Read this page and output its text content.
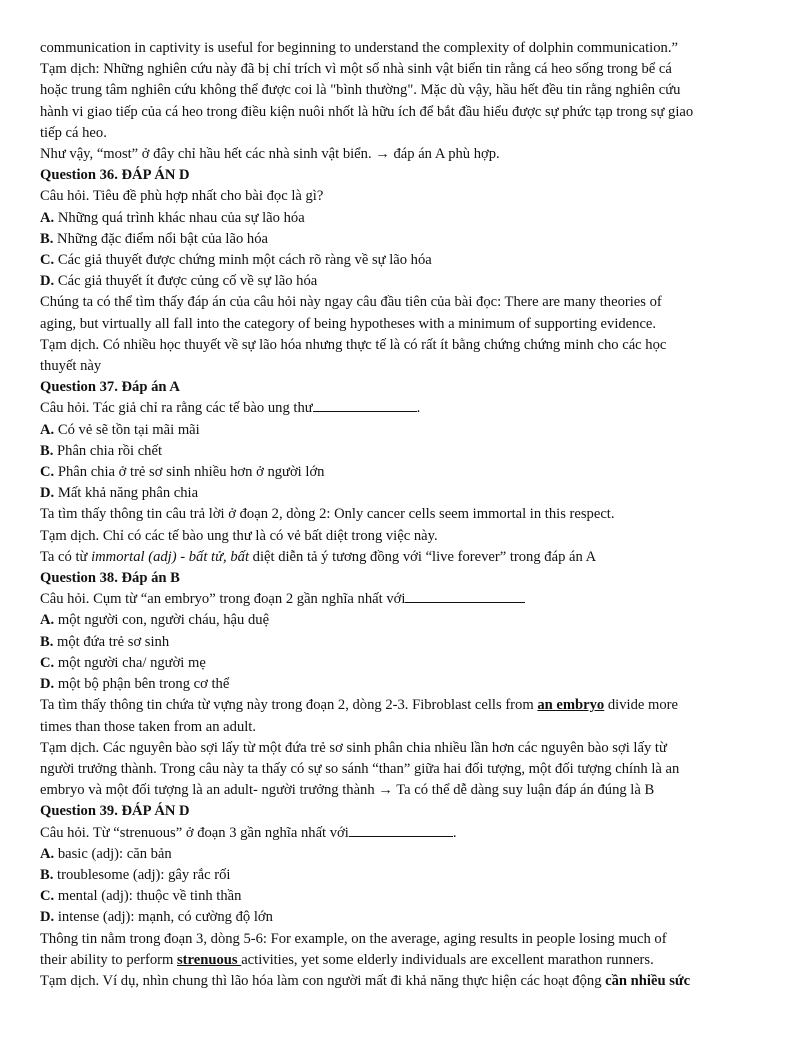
communication in captivity is useful for beginning to understand the complexity of dolphin communication.”
Tạm dịch: Những nghiên cứu này đã bị chỉ trích vì một số nhà sinh vật biển tin rằng cá heo sống trong bể cá
hoặc trung tâm nghiên cứu không thể được coi là "bình thường". Mặc dù vậy, hầu hết đều tin rằng nghiên cứu
hành vi giao tiếp của cá heo trong điều kiện nuôi nhốt là hữu ích để bắt đầu hiểu được sự phức tạp trong sự giao
tiếp cá heo.
Như vậy, “most” ở đây chỉ hầu hết các nhà sinh vật biển. → đáp án A phù hợp.
Question 36. ĐÁP ÁN D
Câu hỏi. Tiêu đề phù hợp nhất cho bài đọc là gì?
A. Những quá trình khác nhau của sự lão hóa
B. Những đặc điểm nổi bật của lão hóa
C. Các giả thuyết được chứng minh một cách rõ ràng về sự lão hóa
D. Các giả thuyết ít được củng cố về sự lão hóa
Chúng ta có thể tìm thấy đáp án của câu hỏi này ngay câu đầu tiên của bài đọc: There are many theories of
aging, but virtually all fall into the category of being hypotheses with a minimum of supporting evidence.
Tạm dịch. Có nhiều học thuyết về sự lão hóa nhưng thực tế là có rất ít bằng chứng chứng minh cho các học
thuyết này
Question 37. Đáp án A
Câu hỏi. Tác giả chỉ ra rằng các tế bào ung thư	.
A. Có vẻ sẽ tồn tại mãi mãi
B. Phân chia rồi chết
C. Phân chia ở trẻ sơ sinh nhiều hơn ở người lớn
D. Mất khả năng phân chia
Ta tìm thấy thông tin câu trả lời ở đoạn 2, dòng 2: Only cancer cells seem immortal in this respect.
Tạm dịch. Chỉ có các tế bào ung thư là có vẻ bất diệt trong việc này.
Ta có từ immortal (adj) - bất tử, bất diệt diễn tả ý tương đồng với “live forever” trong đáp án A
Question 38. Đáp án B
Câu hỏi. Cụm từ “an embryo” trong đoạn 2 gần nghĩa nhất với
A. một người con, người cháu, hậu duệ
B. một đứa trẻ sơ sinh
C. một người cha/ người mẹ
D. một bộ phận bên trong cơ thể
Ta tìm thấy thông tin chứa từ vựng này trong đoạn 2, dòng 2-3. Fibroblast cells from an embryo divide more
times than those taken from an adult.
Tạm dịch. Các nguyên bào sợi lấy từ một đứa trẻ sơ sinh phân chia nhiều lần hơn các nguyên bào sợi lấy từ
người trưởng thành. Trong câu này ta thấy có sự so sánh “than” giữa hai đối tượng, một đối tượng chính là an
embryo và một đối tượng là an adult- người trưởng thành → Ta có thể dễ dàng suy luận đáp án đúng là B
Question 39. ĐÁP ÁN D
Câu hỏi. Từ “strenuous” ở đoạn 3 gần nghĩa nhất với	.
A. basic (adj): căn bản
B. troublesome (adj): gây rắc rối
C. mental (adj): thuộc về tinh thần
D. intense (adj): mạnh, có cường độ lớn
Thông tin nằm trong đoạn 3, dòng 5-6: For example, on the average, aging results in people losing much of
their ability to perform strenuous activities, yet some elderly individuals are excellent marathon runners.
Tạm dịch. Ví dụ, nhìn chung thì lão hóa làm con người mất đi khả năng thực hiện các hoạt động cần nhiều sức
